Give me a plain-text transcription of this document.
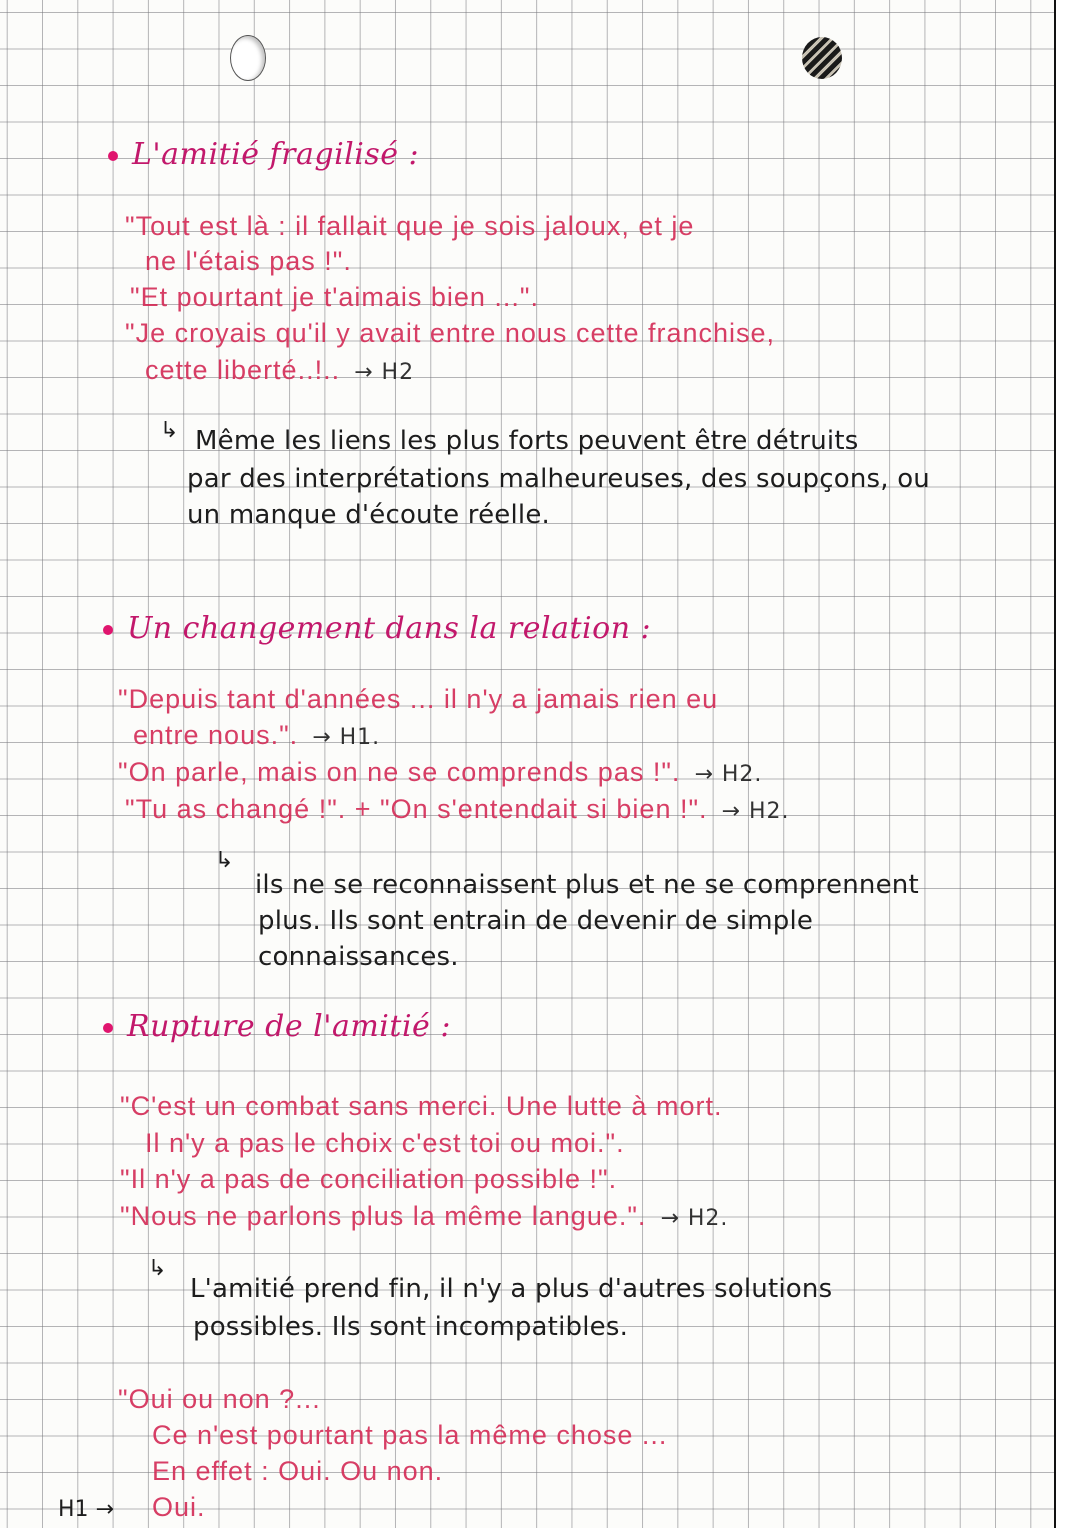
L'amitié fragilisé :
"Tout est là : il fallait que je sois jaloux, et je
ne l'étais pas !".
"Et pourtant je t'aimais bien ...".
"Je croyais qu'il y avait entre nous cette franchise,
cette liberté..!.. → H2
↳ Même les liens les plus forts peuvent être détruits
par des interprétations malheureuses, des soupçons, ou
un manque d'écoute réelle.
Un changement dans la relation :
"Depuis tant d'années ... il n'y a jamais rien eu
entre nous.". → H1.
"On parle, mais on ne se comprends pas !". → H2.
"Tu as changé !". + "On s'entendait si bien !". → H2.
↳
ils ne se reconnaissent plus et ne se comprennent
plus. Ils sont entrain de devenir de simple
connaissances.
Rupture de l'amitié :
"C'est un combat sans merci. Une lutte à mort.
Il n'y a pas le choix c'est toi ou moi.".
"Il n'y a pas de conciliation possible !".
"Nous ne parlons plus la même langue.". → H2.
↳
L'amitié prend fin, il n'y a plus d'autres solutions
possibles. Ils sont incompatibles.
"Oui ou non ?...
Ce n'est pourtant pas la même chose ...
En effet : Oui. Ou non.
H1 → Oui.
